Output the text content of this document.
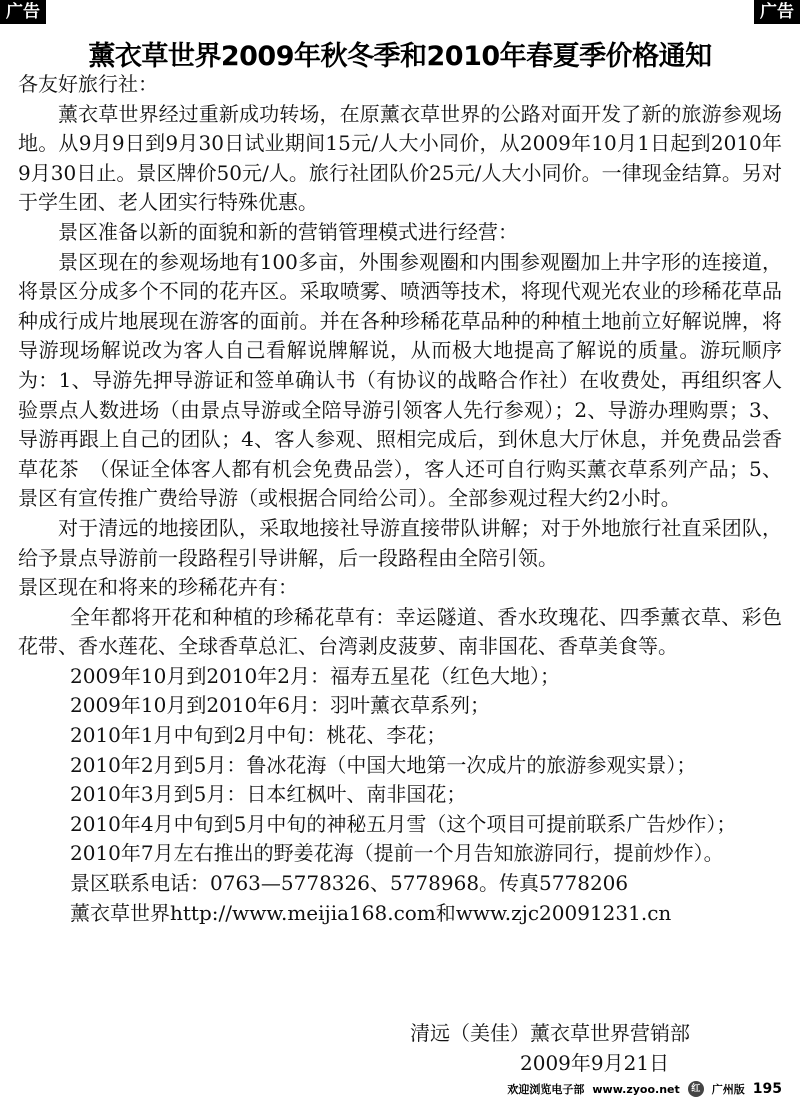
广告	广告
薰衣草世界2009年秋冬季和2010年春夏季价格通知

各友好旅行社：

薰衣草世界经过重新成功转场，在原薰衣草世界的公路对面开发了新的旅游参观场地。从9月9日到9月30日试业期间15元/人大小同价，从2009年10月1日起到2010年9月30日止。景区牌价50元/人。旅行社团队价25元/人大小同价。一律现金结算。另对于学生团、老人团实行特殊优惠。

景区准备以新的面貌和新的营销管理模式进行经营：

景区现在的参观场地有100多亩，外围参观圈和内围参观圈加上井字形的连接道，将景区分成多个不同的花卉区。采取喷雾、喷洒等技术，将现代观光农业的珍稀花草品种成行成片地展现在游客的面前。并在各种珍稀花草品种的种植土地前立好解说牌，将导游现场解说改为客人自己看解说牌解说，从而极大地提高了解说的质量。游玩顺序为：1、导游先押导游证和签单确认书（有协议的战略合作社）在收费处，再组织客人验票点人数进场（由景点导游或全陪导游引领客人先行参观）；2、导游办理购票；3、导游再跟上自己的团队；4、客人参观、照相完成后，到休息大厅休息，并免费品尝香草花茶　（保证全体客人都有机会免费品尝），客人还可自行购买薰衣草系列产品；5、景区有宣传推广费给导游（或根据合同给公司）。全部参观过程大约2小时。

对于清远的地接团队，采取地接社导游直接带队讲解；对于外地旅行社直采团队，给予景点导游前一段路程引导讲解，后一段路程由全陪引领。

景区现在和将来的珍稀花卉有：

全年都将开花和种植的珍稀花草有：幸运隧道、香水玫瑰花、四季薰衣草、彩色花带、香水莲花、全球香草总汇、台湾剥皮菠萝、南非国花、香草美食等。

2009年10月到2010年2月：福寿五星花（红色大地）；

2009年10月到2010年6月：羽叶薰衣草系列；

2010年1月中旬到2月中旬：桃花、李花；

2010年2月到5月：鲁冰花海（中国大地第一次成片的旅游参观实景）；

2010年3月到5月：日本红枫叶、南非国花；

2010年4月中旬到5月中旬的神秘五月雪（这个项目可提前联系广告炒作）；

2010年7月左右推出的野姜花海（提前一个月告知旅游同行，提前炒作）。

景区联系电话：0763—5778326、5778968。传真5778206

薰衣草世界http://www.meijia168.com和www.zjc20091231.cn

清远（美佳）薰衣草世界营销部
2009年9月21日
欢迎浏览电子部 www.zyoo.net	红	广州版 195
